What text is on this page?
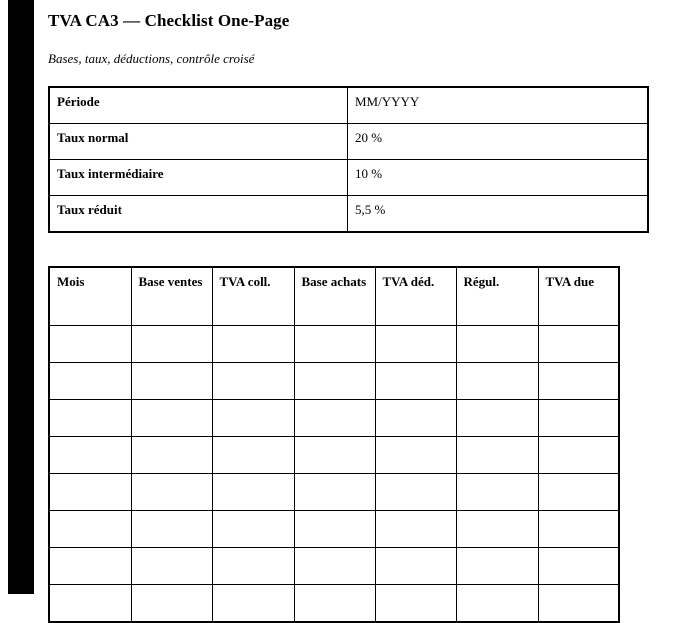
TVA CA3 — Checklist One-Page

Bases, taux, déductions, contrôle croisé

Période	MM/YYYY
Taux normal	20 %
Taux intermédiaire	10 %
Taux réduit	5,5 %
Mois	Base ventes	TVA coll.	Base achats	TVA déd.	Régul.	TVA due
